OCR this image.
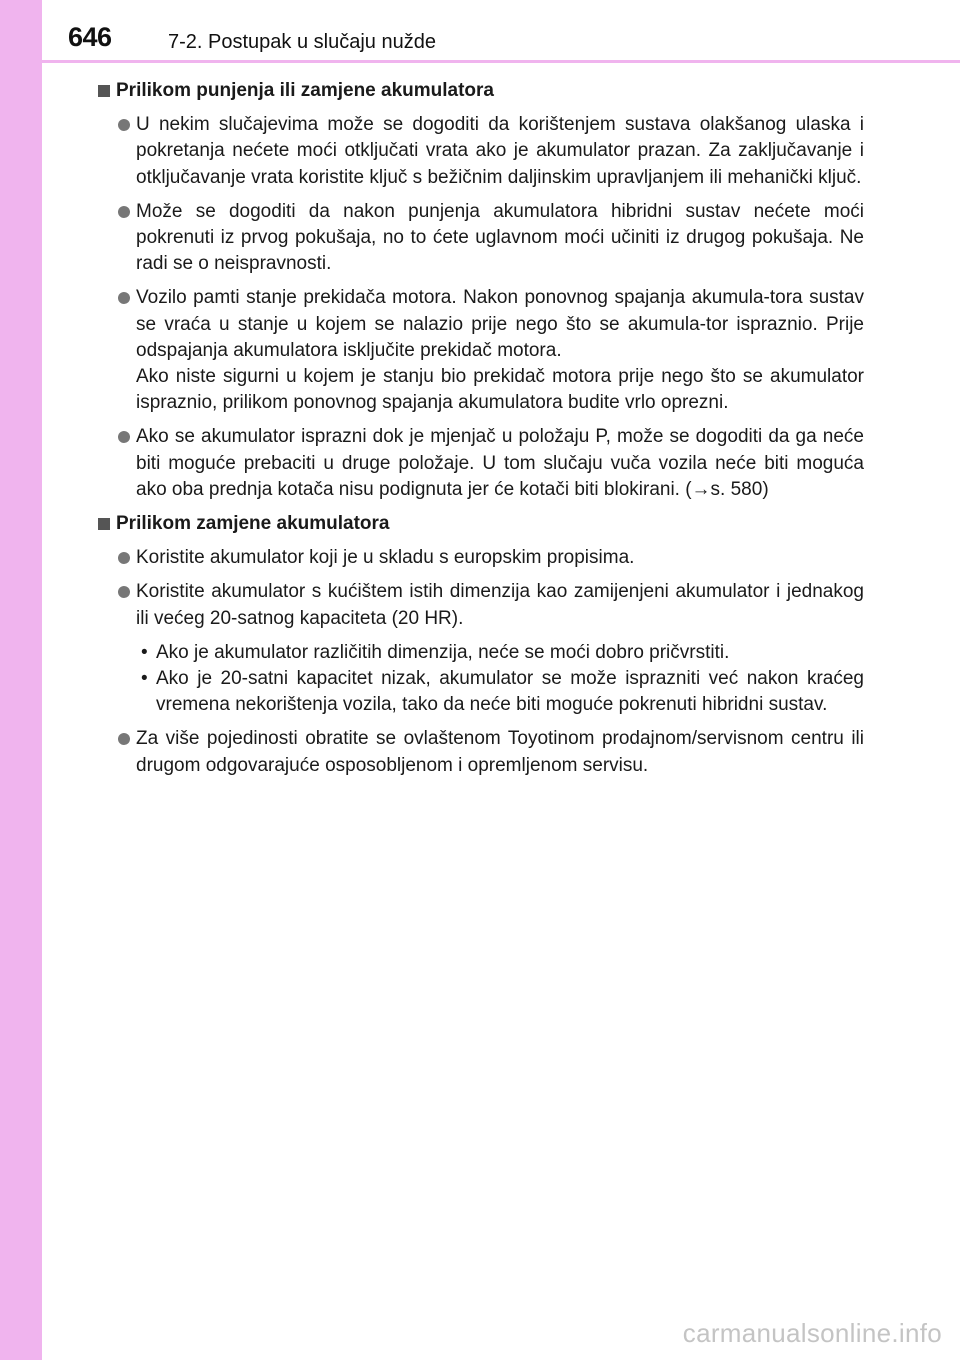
646	7-2. Postupak u slučaju nužde
Prilikom punjenja ili zamjene akumulatora
U nekim slučajevima može se dogoditi da korištenjem sustava olakšanog ulaska i pokretanja nećete moći otključati vrata ako je akumulator prazan. Za zaključavanje i otključavanje vrata koristite ključ s bežičnim daljinskim upravljanjem ili mehanički ključ.
Može se dogoditi da nakon punjenja akumulatora hibridni sustav nećete moći pokrenuti iz prvog pokušaja, no to ćete uglavnom moći učiniti iz drugog pokušaja. Ne radi se o neispravnosti.
Vozilo pamti stanje prekidača motora. Nakon ponovnog spajanja akumula-tora sustav se vraća u stanje u kojem se nalazio prije nego što se akumula-tor ispraznio. Prije odspajanja akumulatora isključite prekidač motora.
Ako niste sigurni u kojem je stanju bio prekidač motora prije nego što se akumulator ispraznio, prilikom ponovnog spajanja akumulatora budite vrlo oprezni.
Ako se akumulator isprazni dok je mjenjač u položaju P, može se dogoditi da ga neće biti moguće prebaciti u druge položaje. U tom slučaju vuča vozila neće biti moguća ako oba prednja kotača nisu podignuta jer će kotači biti blokirani. (→s. 580)
Prilikom zamjene akumulatora
Koristite akumulator koji je u skladu s europskim propisima.
Koristite akumulator s kućištem istih dimenzija kao zamijenjeni akumulator i jednakog ili većeg 20-satnog kapaciteta (20 HR).
• Ako je akumulator različitih dimenzija, neće se moći dobro pričvrstiti.
• Ako je 20-satni kapacitet nizak, akumulator se može isprazniti već nakon kraćeg vremena nekorištenja vozila, tako da neće biti moguće pokrenuti hibridni sustav.
Za više pojedinosti obratite se ovlaštenom Toyotinom prodajnom/servisnom centru ili drugom odgovarajuće osposobljenom i opremljenom servisu.
carmanualsonline.info
